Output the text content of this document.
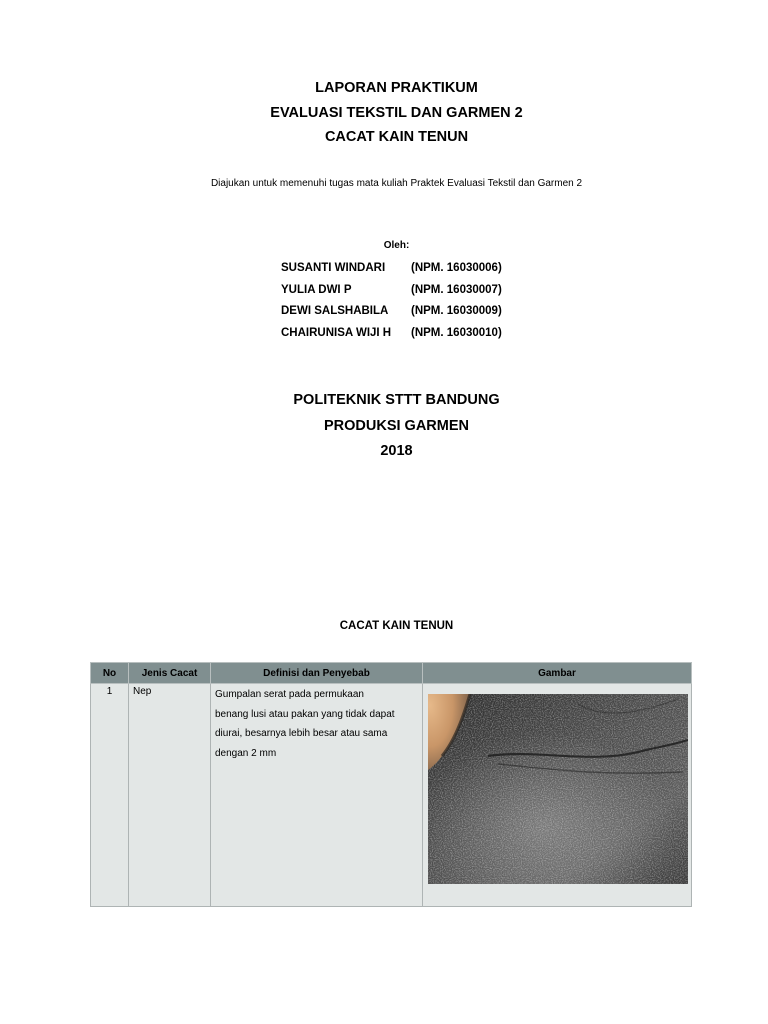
LAPORAN PRAKTIKUM
EVALUASI TEKSTIL DAN GARMEN 2
CACAT KAIN TENUN
Diajukan untuk memenuhi tugas mata kuliah Praktek Evaluasi Tekstil dan Garmen 2
Oleh:
SUSANTI WINDARI (NPM. 16030006)
YULIA DWI P	(NPM. 16030007)
DEWI SALSHABILA (NPM. 16030009)
CHAIRUNISA WIJI H (NPM. 16030010)
POLITEKNIK STTT BANDUNG
PRODUKSI GARMEN
2018
CACAT KAIN TENUN
No	Jenis Cacat	Definisi dan Penyebab	Gambar
1	Nep	Gumpalan serat pada permukaan
benang lusi atau pakan yang tidak dapat
diurai, besarnya lebih besar atau sama
dengan 2 mm
